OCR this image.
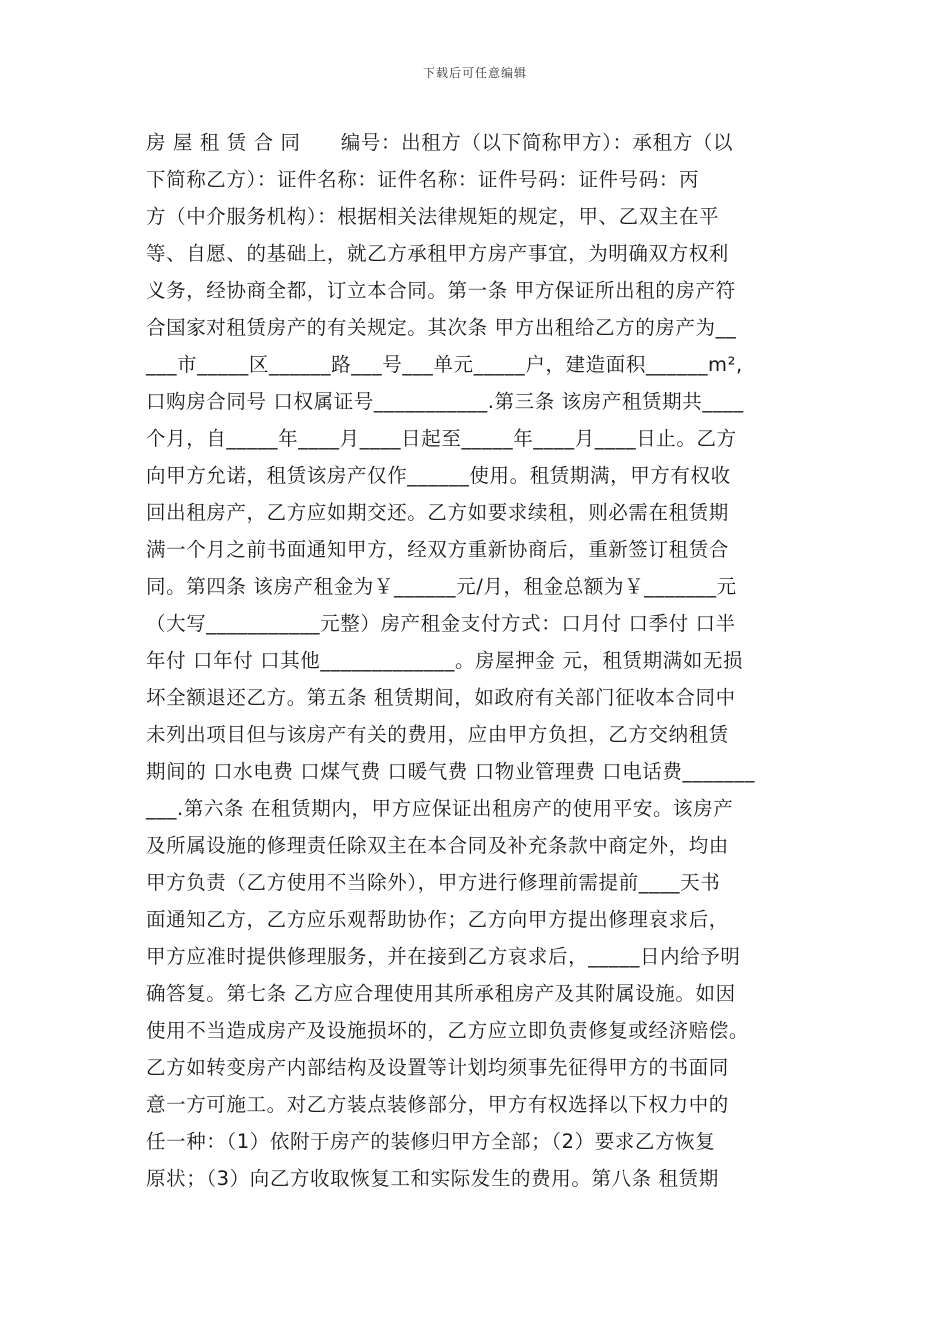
下载后可任意编辑
房 屋 租 赁 合 同　　编号：出租方（以下简称甲方）：承租方（以
下简称乙方）：证件名称：证件名称：证件号码：证件号码：丙
方（中介服务机构）：根据相关法律规矩的规定，甲、乙双主在平
等、自愿、的基础上，就乙方承租甲方房产事宜，为明确双方权利
义务，经协商全都，订立本合同。第一条 甲方保证所出租的房产符
合国家对租赁房产的有关规定。其次条 甲方出租给乙方的房产为__
___市_____区______路___号___单元_____户，建造面积______m²,
口购房合同号 口权属证号___________.第三条 该房产租赁期共____
个月，自_____年____月____日起至_____年____月____日止。乙方
向甲方允诺，租赁该房产仅作______使用。租赁期满，甲方有权收
回出租房产，乙方应如期交还。乙方如要求续租，则必需在租赁期
满一个月之前书面通知甲方，经双方重新协商后，重新签订租赁合
同。第四条 该房产租金为￥______元/月，租金总额为￥_______元
（大写___________元整）房产租金支付方式：口月付 口季付 口半
年付 口年付 口其他_____________。房屋押金 元，租赁期满如无损
坏全额退还乙方。第五条 租赁期间，如政府有关部门征收本合同中
未列出项目但与该房产有关的费用，应由甲方负担，乙方交纳租赁
期间的 口水电费 口煤气费 口暖气费 口物业管理费 口电话费_______
___.第六条 在租赁期内，甲方应保证出租房产的使用平安。该房产
及所属设施的修理责任除双主在本合同及补充条款中商定外，均由
甲方负责（乙方使用不当除外），甲方进行修理前需提前____天书
面通知乙方，乙方应乐观帮助协作；乙方向甲方提出修理哀求后，
甲方应准时提供修理服务，并在接到乙方哀求后，_____日内给予明
确答复。第七条 乙方应合理使用其所承租房产及其附属设施。如因
使用不当造成房产及设施损坏的，乙方应立即负责修复或经济赔偿。
乙方如转变房产内部结构及设置等计划均须事先征得甲方的书面同
意一方可施工。对乙方装点装修部分，甲方有权选择以下权力中的
任一种：（1）依附于房产的装修归甲方全部；（2）要求乙方恢复
原状；（3）向乙方收取恢复工和实际发生的费用。第八条 租赁期
